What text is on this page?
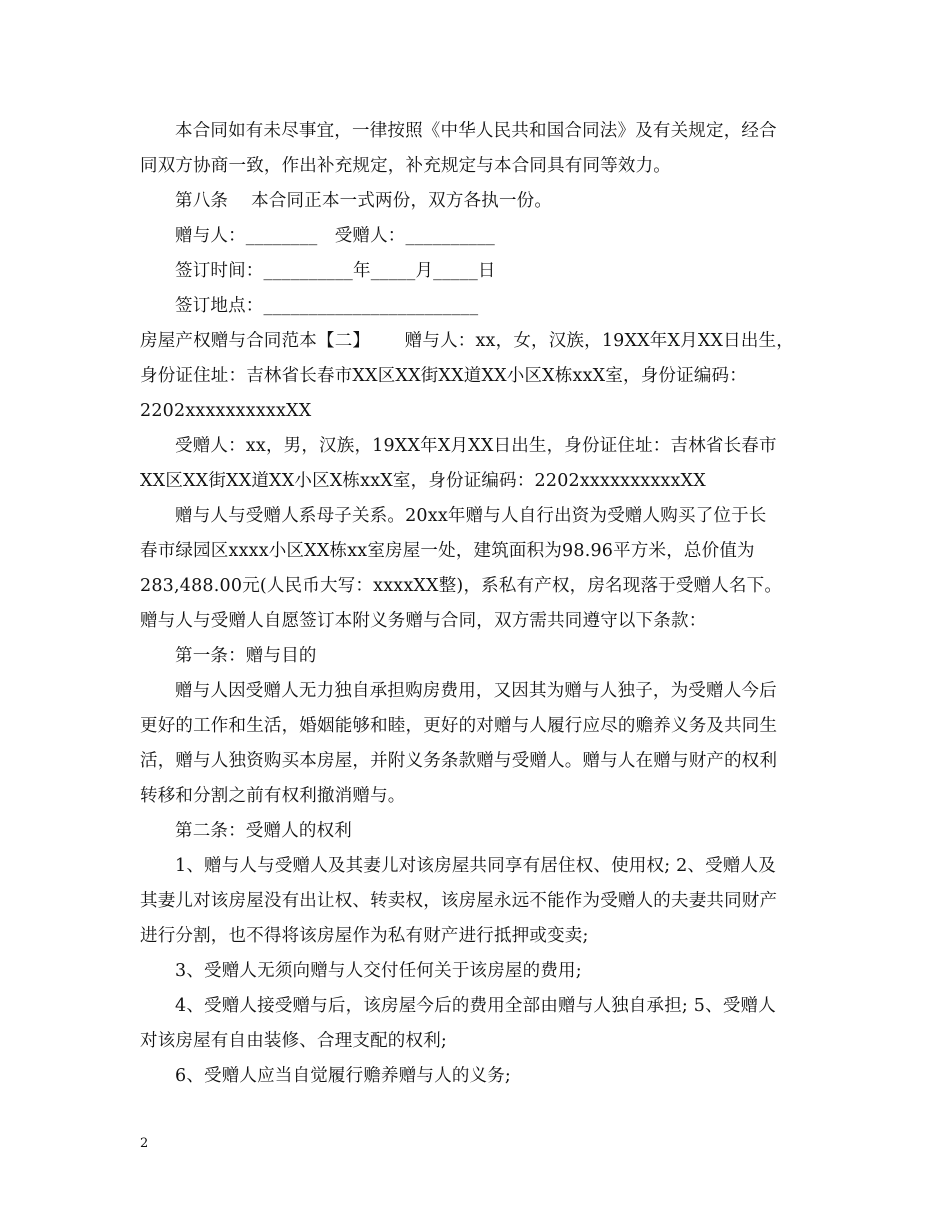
本合同如有未尽事宜，一律按照《中华人民共和国合同法》及有关规定，经合
同双方协商一致，作出补充规定，补充规定与本合同具有同等效力。
第八条    本合同正本一式两份，双方各执一份。
赠与人：________   受赠人：__________
签订时间：__________年_____月_____日
签订地点：________________________
房屋产权赠与合同范本【二】      赠与人：xx，女，汉族，19XX年X月XX日出生，
身份证住址：吉林省长春市XX区XX街XX道XX小区X栋xxX室，身份证编码：
2202xxxxxxxxxxXX
受赠人：xx，男，汉族，19XX年X月XX日出生，身份证住址：吉林省长春市
XX区XX街XX道XX小区X栋xxX室，身份证编码：2202xxxxxxxxxxXX
赠与人与受赠人系母子关系。20xx年赠与人自行出资为受赠人购买了位于长
春市绿园区xxxx小区XX栋xx室房屋一处，建筑面积为98.96平方米，总价值为
283,488.00元(人民币大写：xxxxXX整)，系私有产权，房名现落于受赠人名下。
赠与人与受赠人自愿签订本附义务赠与合同，双方需共同遵守以下条款：
第一条：赠与目的
赠与人因受赠人无力独自承担购房费用，又因其为赠与人独子，为受赠人今后
更好的工作和生活，婚姻能够和睦，更好的对赠与人履行应尽的赡养义务及共同生
活，赠与人独资购买本房屋，并附义务条款赠与受赠人。赠与人在赠与财产的权利
转移和分割之前有权利撤消赠与。
第二条：受赠人的权利
1、赠与人与受赠人及其妻儿对该房屋共同享有居住权、使用权; 2、受赠人及
其妻儿对该房屋没有出让权、转卖权，该房屋永远不能作为受赠人的夫妻共同财产
进行分割，也不得将该房屋作为私有财产进行抵押或变卖;
3、受赠人无须向赠与人交付任何关于该房屋的费用;
4、受赠人接受赠与后，该房屋今后的费用全部由赠与人独自承担; 5、受赠人
对该房屋有自由装修、合理支配的权利;
6、受赠人应当自觉履行赡养赠与人的义务;
2
